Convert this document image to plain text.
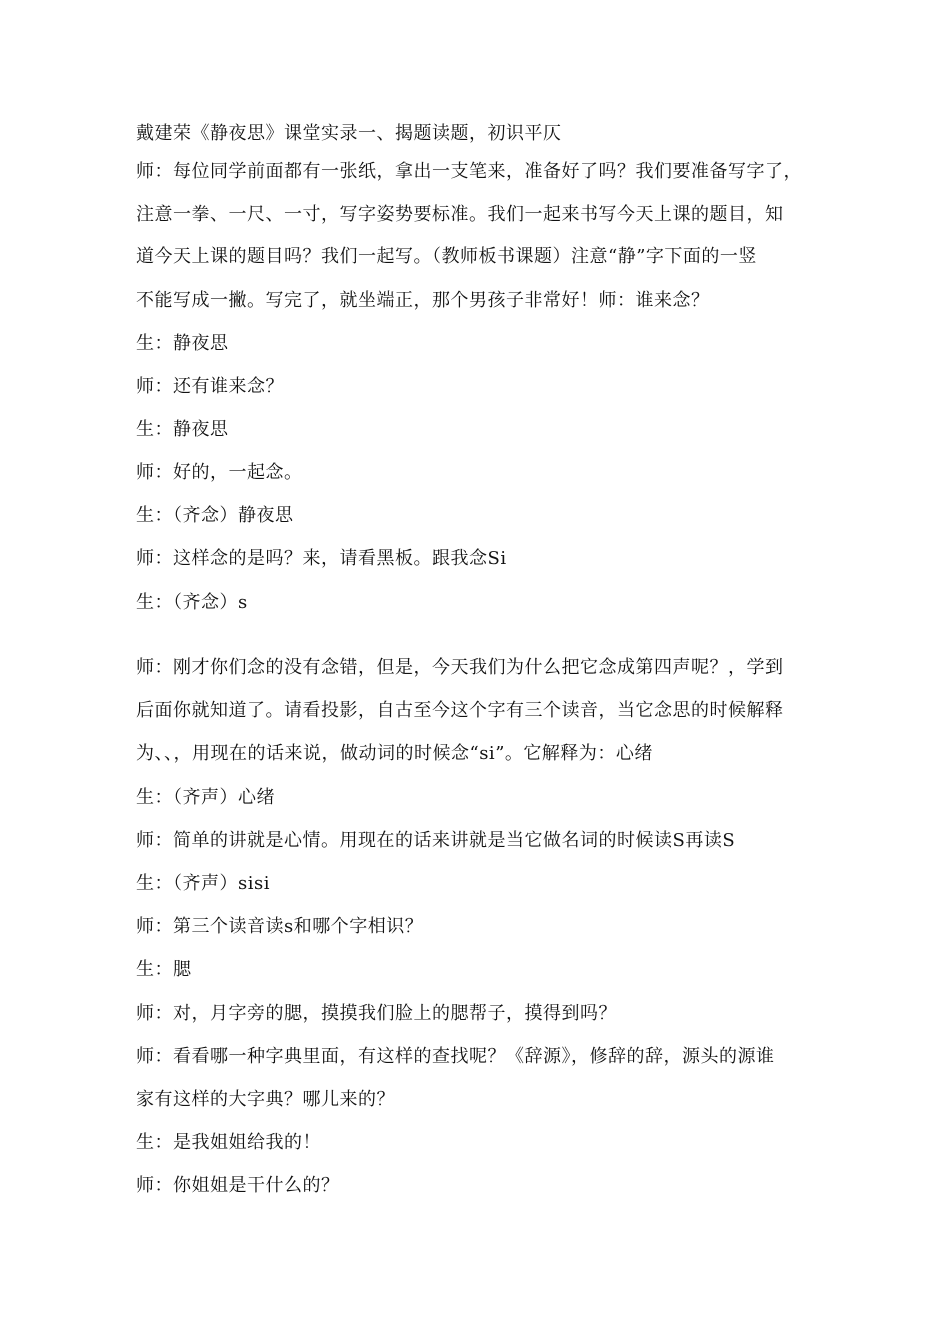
戴建荣《静夜思》课堂实录一、揭题读题，初识平仄
师：每位同学前面都有一张纸，拿出一支笔来，准备好了吗？我们要准备写字了，
注意一拳、一尺、一寸，写字姿势要标准。我们一起来书写今天上课的题目，知
道今天上课的题目吗？我们一起写。（教师板书课题）注意“静”字下面的一竖
不能写成一撇。写完了，就坐端正，那个男孩子非常好！师：谁来念？
生：静夜思
师：还有谁来念？
生：静夜思
师：好的，一起念。
生：（齐念）静夜思
师：这样念的是吗？来，请看黑板。跟我念Si
生：（齐念）s
师：刚才你们念的没有念错，但是，今天我们为什么把它念成第四声呢？，学到
后面你就知道了。请看投影，自古至今这个字有三个读音，当它念思的时候解释
为、、，用现在的话来说，做动词的时候念“si”。它解释为：心绪
生：（齐声）心绪
师：简单的讲就是心情。用现在的话来讲就是当它做名词的时候读S再读S
生：（齐声）sisi
师：第三个读音读s和哪个字相识？
生：腮
师：对，月字旁的腮，摸摸我们脸上的腮帮子，摸得到吗？
师：看看哪一种字典里面，有这样的查找呢？《辞源》，修辞的辞，源头的源谁
家有这样的大字典？哪儿来的？
生：是我姐姐给我的！
师：你姐姐是干什么的？
